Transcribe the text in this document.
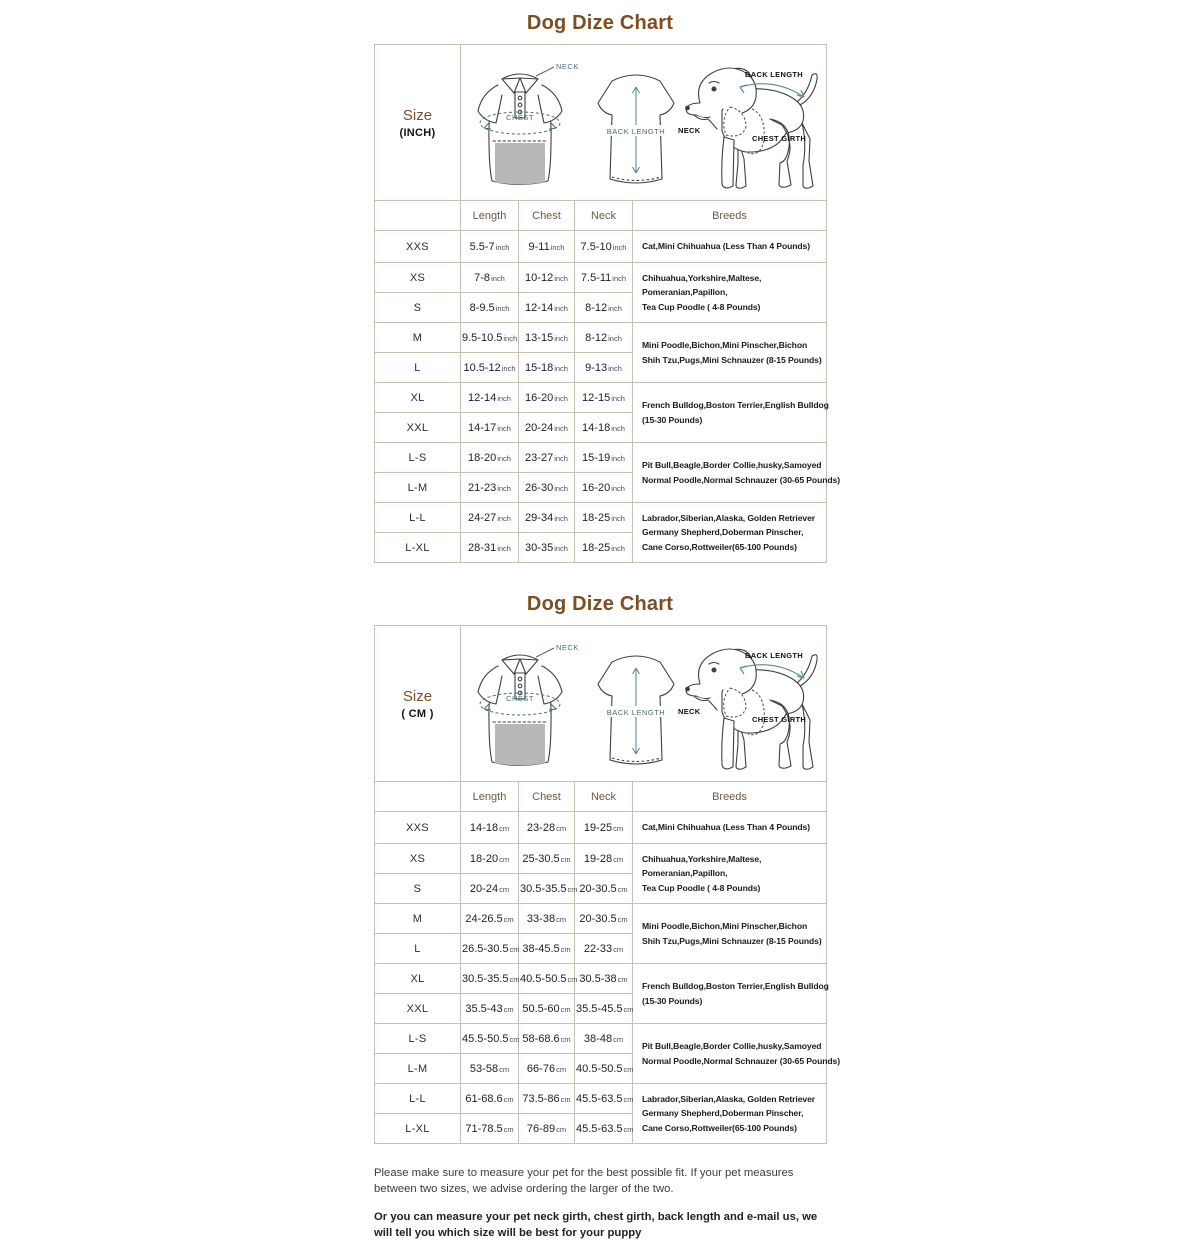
Dog Dize Chart
Size
(INCH)

CHEST
NECK
BACK LENGTH
BACK LENGTH
NECK
CHEST GIRTH

	Length	Chest	Neck	Breeds
XXS	5.5-7inch	9-11inch	7.5-10inch	Cat,Mini Chihuahua (Less Than 4 Pounds)

XS	7-8inch	10-12inch	7.5-11inch	Chihuahua,Yorkshire,Maltese,
Pomeranian,Papillon,
Tea Cup Poodle ( 4-8 Pounds)

S	8-9.5inch	12-14inch	8-12inch	
M	9.5-10.5inch	13-15inch	8-12inch	Mini Poodle,Bichon,Mini Pinscher,Bichon
Shih Tzu,Pugs,Mini Schnauzer (8-15 Pounds)

L	10.5-12inch	15-18inch	9-13inch	
XL	12-14inch	16-20inch	12-15inch	French Bulldog,Boston Terrier,English Bulldog
(15-30 Pounds)

XXL	14-17inch	20-24inch	14-18inch	
L-S	18-20inch	23-27inch	15-19inch	Pit Bull,Beagle,Border Collie,husky,Samoyed
Normal Poodle,Normal Schnauzer (30-65 Pounds)

L-M	21-23inch	26-30inch	16-20inch	
L-L	24-27inch	29-34inch	18-25inch	Labrador,Siberian,Alaska, Golden Retriever
Germany Shepherd,Doberman Pinscher,
Cane Corso,Rottweiler(65-100 Pounds)

L-XL	28-31inch	30-35inch	18-25inch	
Dog Dize Chart
Size
( CM )

CHEST
NECK
BACK LENGTH
BACK LENGTH
NECK
CHEST GIRTH

	Length	Chest	Neck	Breeds
XXS	14-18cm	23-28cm	19-25cm	Cat,Mini Chihuahua (Less Than 4 Pounds)

XS	18-20cm	25-30.5cm	19-28cm	Chihuahua,Yorkshire,Maltese,
Pomeranian,Papillon,
Tea Cup Poodle ( 4-8 Pounds)

S	20-24cm	30.5-35.5cm	20-30.5cm	
M	24-26.5cm	33-38cm	20-30.5cm	Mini Poodle,Bichon,Mini Pinscher,Bichon
Shih Tzu,Pugs,Mini Schnauzer (8-15 Pounds)

L	26.5-30.5cm	38-45.5cm	22-33cm	
XL	30.5-35.5cm	40.5-50.5cm	30.5-38cm	French Bulldog,Boston Terrier,English Bulldog
(15-30 Pounds)

XXL	35.5-43cm	50.5-60cm	35.5-45.5cm	
L-S	45.5-50.5cm	58-68.6cm	38-48cm	Pit Bull,Beagle,Border Collie,husky,Samoyed
Normal Poodle,Normal Schnauzer (30-65 Pounds)

L-M	53-58cm	66-76cm	40.5-50.5cm	
L-L	61-68.6cm	73.5-86cm	45.5-63.5cm	Labrador,Siberian,Alaska, Golden Retriever
Germany Shepherd,Doberman Pinscher,
Cane Corso,Rottweiler(65-100 Pounds)

L-XL	71-78.5cm	76-89cm	45.5-63.5cm	

Please make sure to measure your pet for the best possible fit. If your pet measures between two sizes, we advise ordering the larger of the two.

Or you can measure your pet neck girth, chest girth, back length and e-mail us, we will tell you which size will be best for your puppy
